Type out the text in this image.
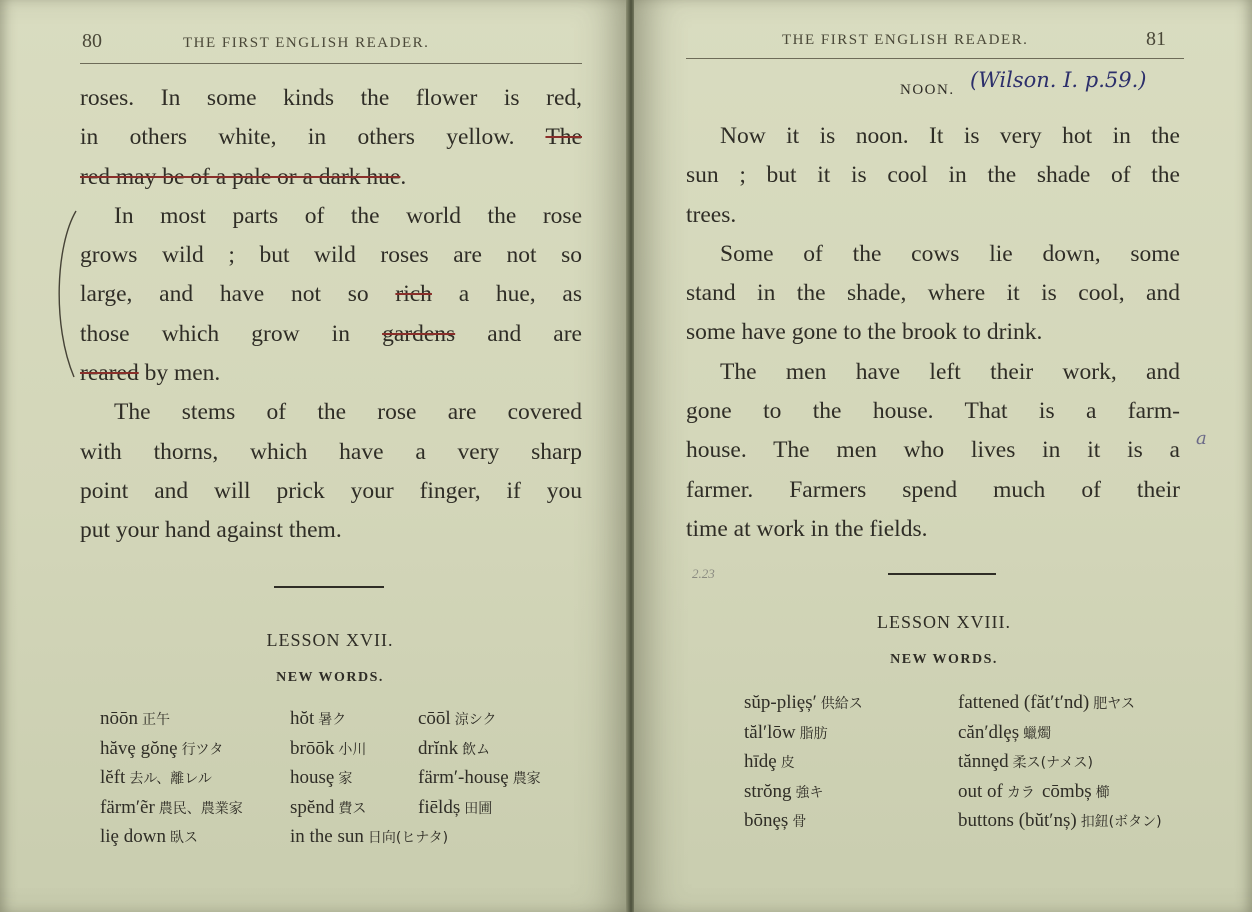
80	THE FIRST ENGLISH READER.
roses. In some kinds the flower is red,
in others white, in others yellow. The
red may be of a pale or a dark hue.
In most parts of the world the rose
grows wild ; but wild roses are not so
large, and have not so rich a hue, as
those which grow in gardens and are
reared by men.
The stems of the rose are covered
with thorns, which have a very sharp
point and will prick your finger, if you
put your hand against them.
LESSON XVII.
NEW WORDS.
nōōn 正午
hăvȩ gŏnȩ 行ツタ
lĕft 去ル、離レル
färm′ẽr 農民、農業家
liȩ down 臥ス
hŏt 暑ク
brōōk 小川
housȩ 家
spĕnd 費ス
in the sun 日向(ヒナタ)
cōōl 涼シク
drĭnk 飲ム
färm′-housȩ 農家
fiēldș 田圃
THE FIRST ENGLISH READER.	81
NOON. (Wilson. I. p.59.)
Now it is noon. It is very hot in the
sun ; but it is cool in the shade of the
trees.
Some of the cows lie down, some
stand in the shade, where it is cool, and
some have gone to the brook to drink.
The men have left their work, and
gone to the house. That is a farm-
house. The men who lives in it is a
farmer. Farmers spend much of their
time at work in the fields.
a
2.23
LESSON XVIII.
NEW WORDS.
sŭp-pliȩș′ 供給ス
tăl′lōw 脂肪
hīdȩ 皮
strŏng 強キ
bōnȩș 骨
fattened (făt′t′nd) 肥ヤス
căn′dlȩș 蠟燭
tănnȩd 柔ス(ナメス)
out of カラ
buttons (bŭt′nș) 扣鈕(ボタン)
cōmbș 櫛
